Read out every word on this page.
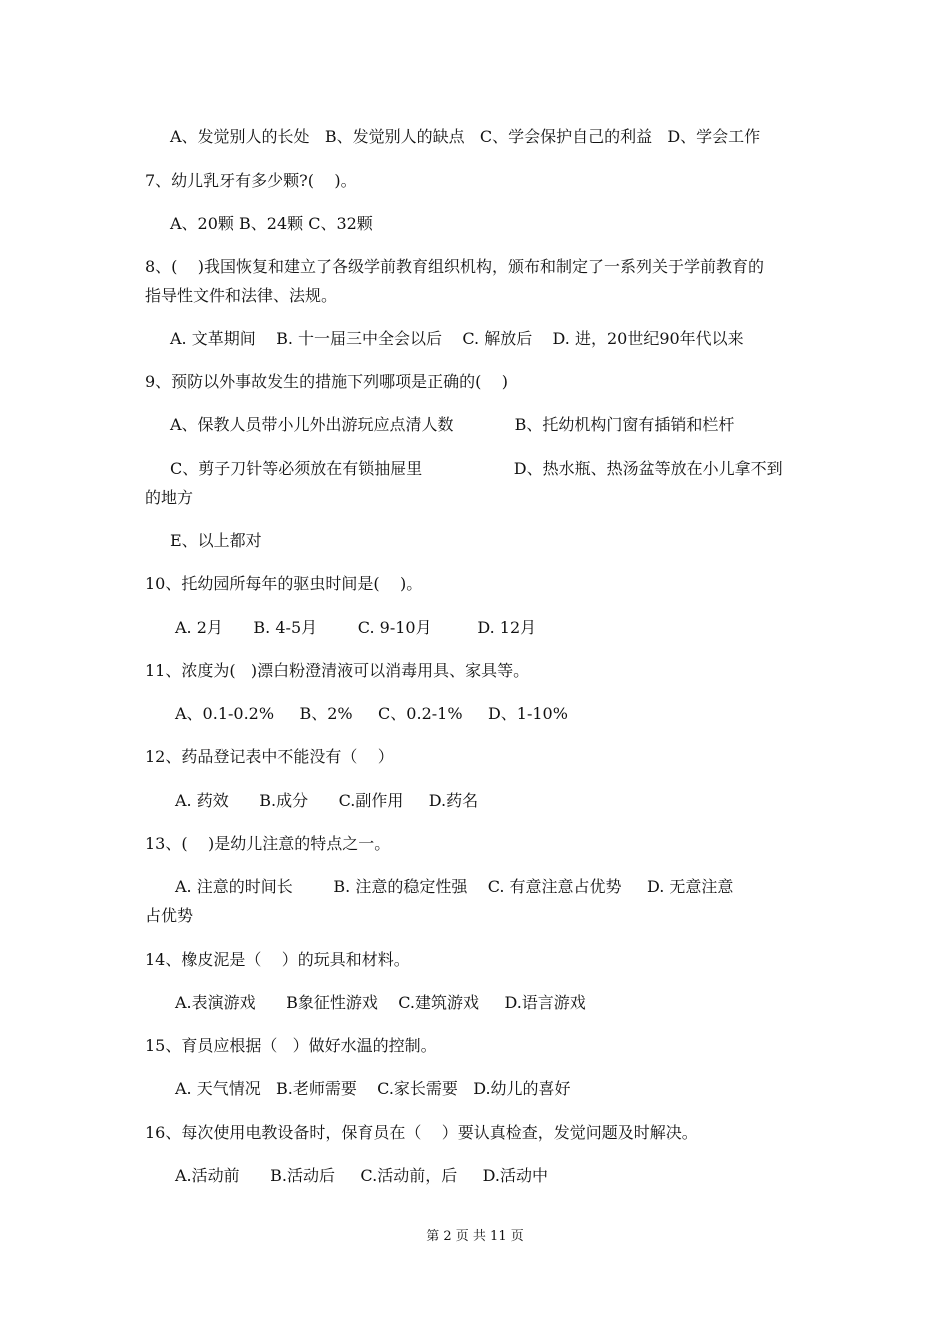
A、发觉别人的长处   B、发觉别人的缺点   C、学会保护自己的利益   D、学会工作
7、幼儿乳牙有多少颗?(    )。
A、20颗 B、24颗 C、32颗
8、(    )我国恢复和建立了各级学前教育组织机构，颁布和制定了一系列关于学前教育的
指导性文件和法律、法规。
A. 文革期间    B. 十一届三中全会以后    C. 解放后    D. 进，20世纪90年代以来
9、预防以外事故发生的措施下列哪项是正确的(    )
A、保教人员带小儿外出游玩应点清人数            B、托幼机构门窗有插销和栏杆
C、剪子刀针等必须放在有锁抽屉里                  D、热水瓶、热汤盆等放在小儿拿不到
的地方
E、以上都对
10、托幼园所每年的驱虫时间是(    )。
A. 2月      B. 4-5月        C. 9-10月         D. 12月
11、浓度为(   )漂白粉澄清液可以消毒用具、家具等。
A、0.1-0.2%     B、2%     C、0.2-1%     D、1-10%
12、药品登记表中不能没有（    ）
A. 药效      B.成分      C.副作用     D.药名
13、(    )是幼儿注意的特点之一。
A. 注意的时间长        B. 注意的稳定性强    C. 有意注意占优势     D. 无意注意
占优势
14、橡皮泥是（    ）的玩具和材料。
A.表演游戏      B象征性游戏    C.建筑游戏     D.语言游戏
15、育员应根据（   ）做好水温的控制。
A. 天气情况   B.老师需要    C.家长需要   D.幼儿的喜好
16、每次使用电教设备时，保育员在（    ）要认真检查，发觉问题及时解决。
A.活动前      B.活动后     C.活动前，后     D.活动中
第 2 页 共 11 页
